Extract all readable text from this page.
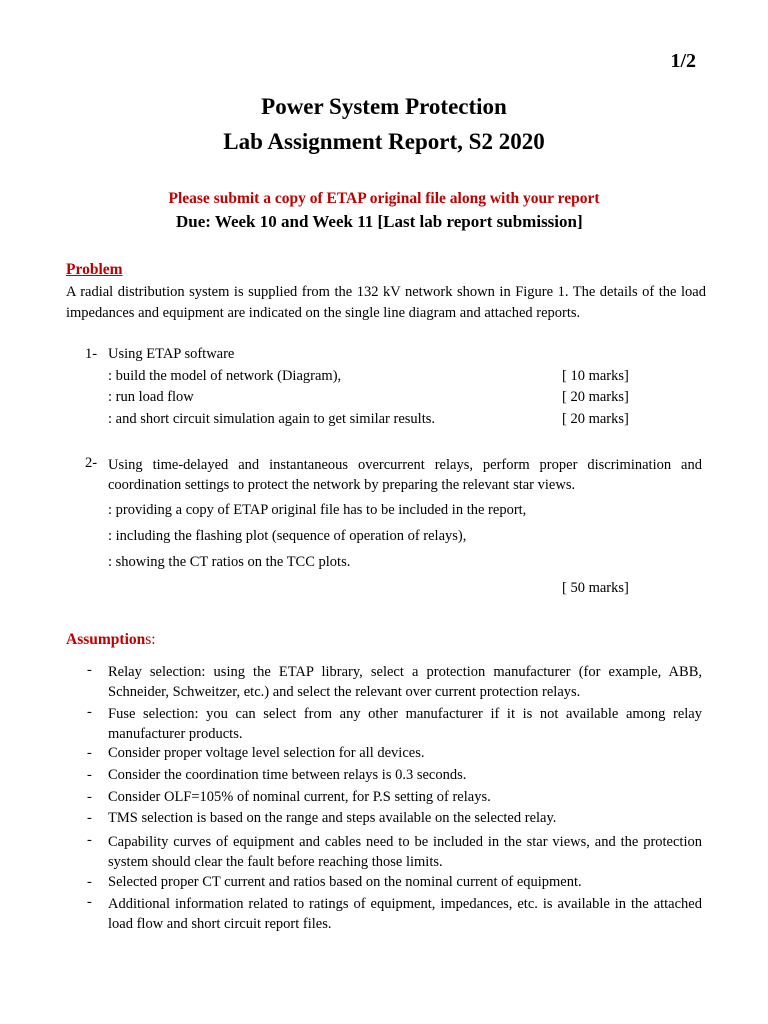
1/2
Power System Protection
Lab Assignment Report, S2 2020
Please submit a copy of ETAP original file along with your report
Due: Week 10 and Week 11 [Last lab report submission]
Problem
A radial distribution system is supplied from the 132 kV network shown in Figure 1. The details of the load impedances and equipment are indicated on the single line diagram and attached reports.
1- Using ETAP software
: build the model of network (Diagram),	[ 10 marks]
: run load flow	[ 20 marks]
: and short circuit simulation again to get similar results.	[ 20 marks]
2- Using time-delayed and instantaneous overcurrent relays, perform proper discrimination and coordination settings to protect the network by preparing the relevant star views.
: providing a copy of ETAP original file has to be included in the report,
: including the flashing plot (sequence of operation of relays),
: showing the CT ratios on the TCC plots.
[ 50 marks]
Assumptions:
- Relay selection: using the ETAP library, select a protection manufacturer (for example, ABB, Schneider, Schweitzer, etc.) and select the relevant over current protection relays.
- Fuse selection: you can select from any other manufacturer if it is not available among relay manufacturer products.
- Consider proper voltage level selection for all devices.
- Consider the coordination time between relays is 0.3 seconds.
- Consider OLF=105% of nominal current, for P.S setting of relays.
- TMS selection is based on the range and steps available on the selected relay.
- Capability curves of equipment and cables need to be included in the star views, and the protection system should clear the fault before reaching those limits.
- Selected proper CT current and ratios based on the nominal current of equipment.
- Additional information related to ratings of equipment, impedances, etc. is available in the attached load flow and short circuit report files.
